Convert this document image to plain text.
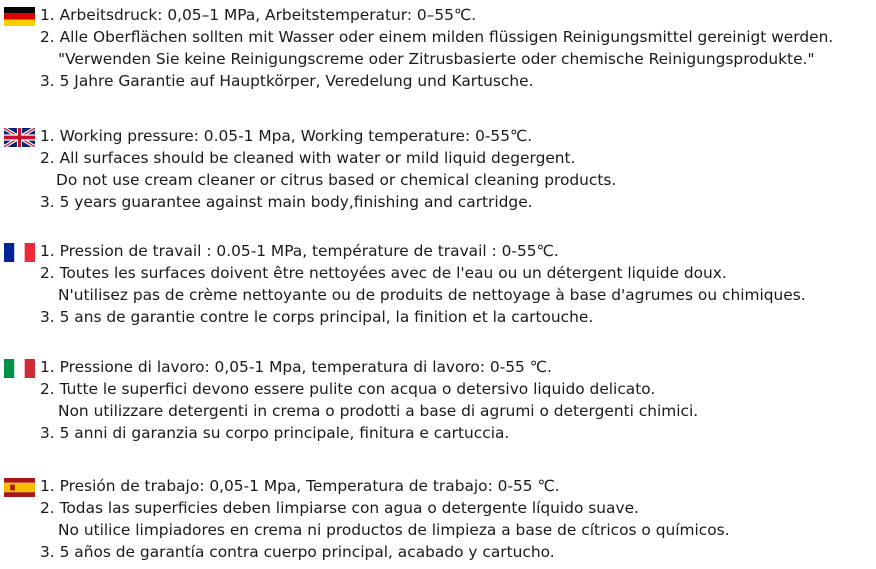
1. Arbeitsdruck: 0,05–1 MPa, Arbeitstemperatur: 0–55℃.
2. Alle Oberflächen sollten mit Wasser oder einem milden flüssigen Reinigungsmittel gereinigt werden.
"Verwenden Sie keine Reinigungscreme oder Zitrusbasierte oder chemische Reinigungsprodukte."
3. 5 Jahre Garantie auf Hauptkörper, Veredelung und Kartusche.
1. Working pressure: 0.05-1 Mpa, Working temperature: 0-55℃.
2. All surfaces should be cleaned with water or mild liquid degergent.
Do not use cream cleaner or citrus based or chemical cleaning products.
3. 5 years guarantee against main body,finishing and cartridge.
1. Pression de travail : 0.05-1 MPa, température de travail : 0-55℃.
2. Toutes les surfaces doivent être nettoyées avec de l'eau ou un détergent liquide doux.
N'utilisez pas de crème nettoyante ou de produits de nettoyage à base d'agrumes ou chimiques.
3. 5 ans de garantie contre le corps principal, la finition et la cartouche.
1. Pressione di lavoro: 0,05-1 Mpa, temperatura di lavoro: 0-55 ℃.
2. Tutte le superfici devono essere pulite con acqua o detersivo liquido delicato.
Non utilizzare detergenti in crema o prodotti a base di agrumi o detergenti chimici.
3. 5 anni di garanzia su corpo principale, finitura e cartuccia.
1. Presión de trabajo: 0,05-1 Mpa, Temperatura de trabajo: 0-55 ℃.
2. Todas las superficies deben limpiarse con agua o detergente líquido suave.
No utilice limpiadores en crema ni productos de limpieza a base de cítricos o químicos.
3. 5 años de garantía contra cuerpo principal, acabado y cartucho.
